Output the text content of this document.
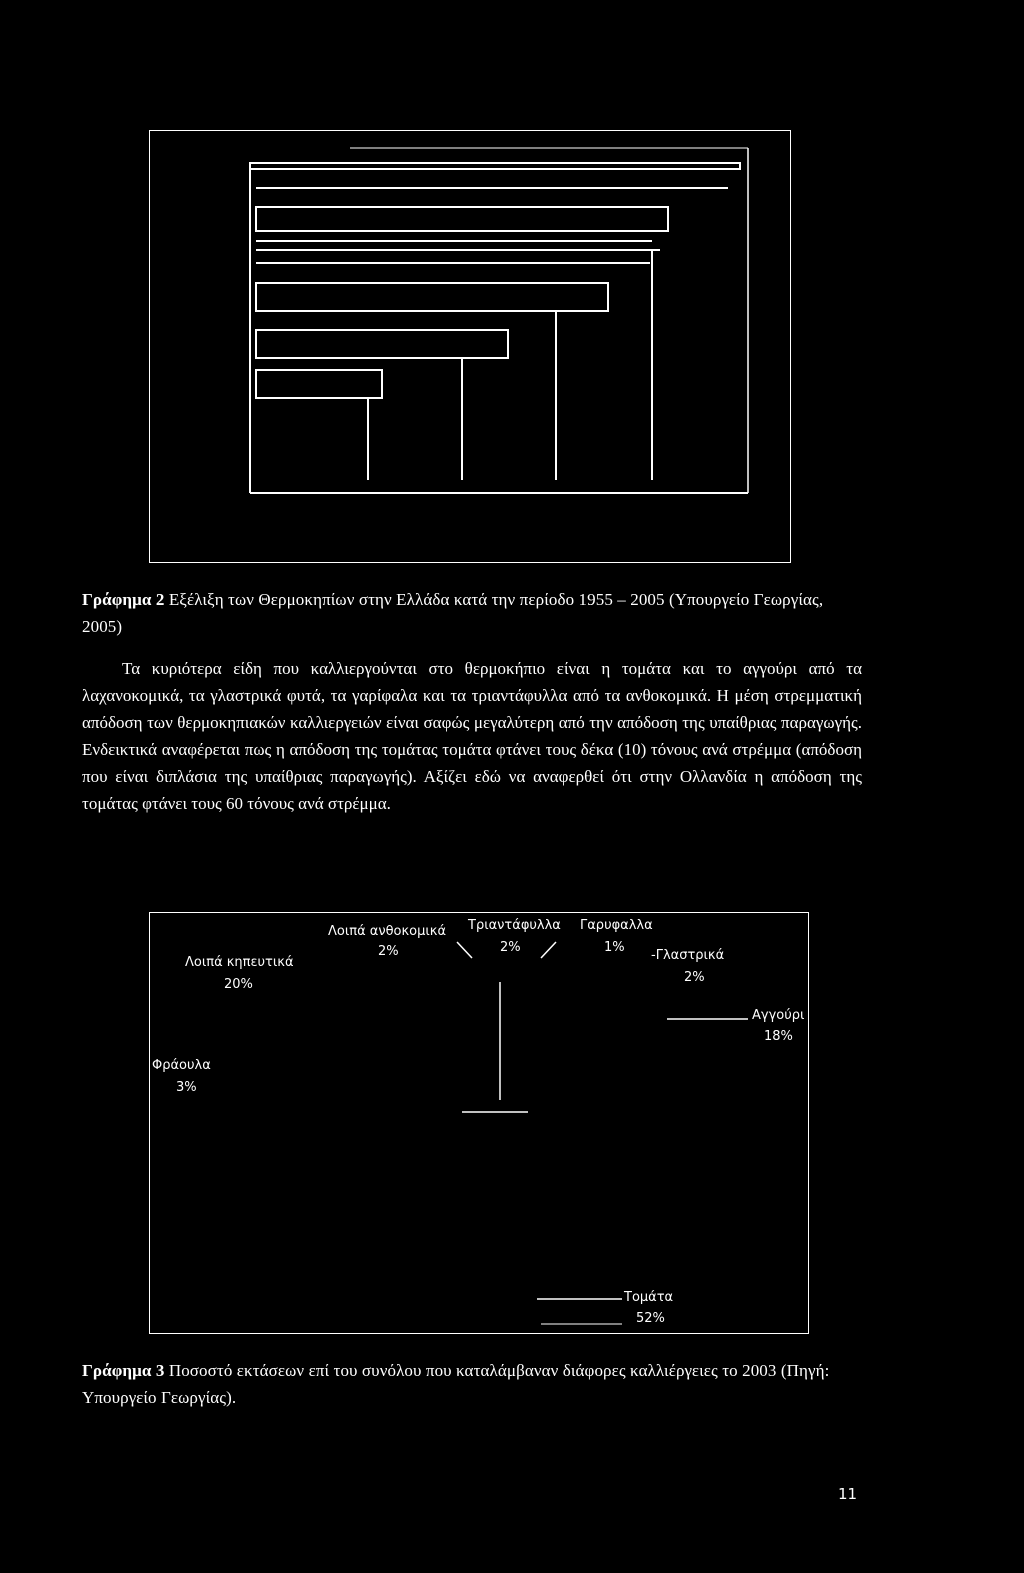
Γράφημα 2 Εξέλιξη των Θερμοκηπίων στην Ελλάδα κατά την περίοδο 1955 – 2005 (Υπουργείο Γεωργίας, 2005)
Τα κυριότερα είδη που καλλιεργούνται στο θερμοκήπιο είναι η τομάτα και το αγγούρι από τα λαχανοκομικά, τα γλαστρικά φυτά, τα γαρίφαλα και τα τριαντάφυλλα από τα ανθοκομικά. Η μέση στρεμματική απόδοση των θερμοκηπιακών καλλιεργειών είναι σαφώς μεγαλύτερη από την απόδοση της υπαίθριας παραγωγής. Ενδεικτικά αναφέρεται πως η απόδοση της τομάτας τομάτα φτάνει τους δέκα (10) τόνους ανά στρέμμα (απόδοση που είναι διπλάσια της υπαίθριας παραγωγής). Αξίζει εδώ να αναφερθεί ότι στην Ολλανδία η απόδοση της τομάτας φτάνει τους 60 τόνους ανά στρέμμα.
Λοιπά ανθοκομικά
2%
Τριαντάφυλλα
2%
Γαρυφαλλα
1%
-Γλαστρικά
2%
Λοιπά κηπευτικά
20%
Αγγούρι
18%
Φράουλα
3%
Τομάτα
52%
Γράφημα 3 Ποσοστό εκτάσεων επί του συνόλου που καταλάμβαναν διάφορες καλλιέργειες το 2003 (Πηγή: Υπουργείο Γεωργίας).
11
